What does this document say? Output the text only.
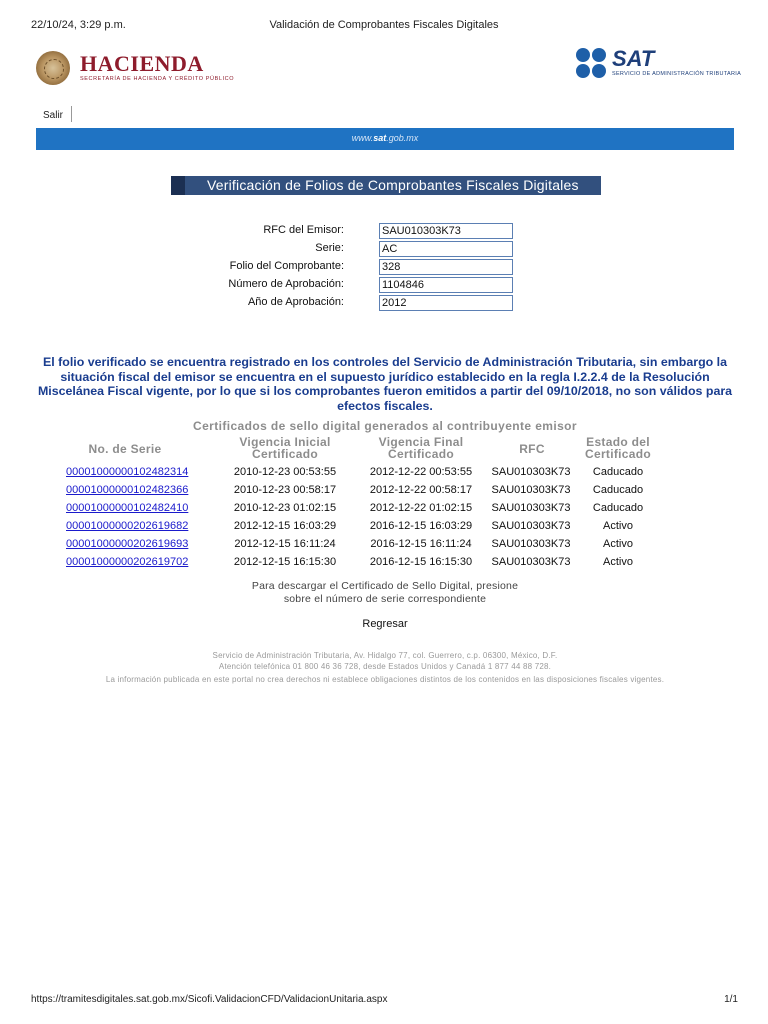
22/10/24, 3:29 p.m.	Validación de Comprobantes Fiscales Digitales
HACIENDA
SECRETARÍA DE HACIENDA Y CRÉDITO PÚBLICO
SAT
SERVICIO DE ADMINISTRACIÓN TRIBUTARIA
Salir
www.sat.gob.mx
Verificación de Folios de Comprobantes Fiscales Digitales
RFC del Emisor:	SAU010303K73
Serie:	AC
Folio del Comprobante:	328
Número de Aprobación:	1104846
Año de Aprobación:	2012
El folio verificado se encuentra registrado en los controles del Servicio de Administración Tributaria, sin embargo la
situación fiscal del emisor se encuentra en el supuesto jurídico establecido en la regla I.2.2.4 de la Resolución
Miscelánea Fiscal vigente, por lo que si los comprobantes fueron emitidos a partir del 09/10/2018, no son válidos para
efectos fiscales.
Certificados de sello digital generados al contribuyente emisor
No. de Serie	Vigencia Inicial
Certificado
Vigencia Final
Certificado	RFC	Estado del
Certificado
00001000000102482314	2010-12-23 00:53:55	2012-12-22 00:53:55	SAU010303K73	Caducado
00001000000102482366	2010-12-23 00:58:17	2012-12-22 00:58:17	SAU010303K73	Caducado
00001000000102482410	2010-12-23 01:02:15	2012-12-22 01:02:15	SAU010303K73	Caducado
00001000000202619682	2012-12-15 16:03:29	2016-12-15 16:03:29	SAU010303K73	Activo
00001000000202619693	2012-12-15 16:11:24	2016-12-15 16:11:24	SAU010303K73	Activo
00001000000202619702	2012-12-15 16:15:30	2016-12-15 16:15:30	SAU010303K73	Activo
Para descargar el Certificado de Sello Digital, presione
sobre el número de serie correspondiente
Regresar
Servicio de Administración Tributaria, Av. Hidalgo 77, col. Guerrero, c.p. 06300, México, D.F.
Atención telefónica 01 800 46 36 728, desde Estados Unidos y Canadá 1 877 44 88 728.
La información publicada en este portal no crea derechos ni establece obligaciones distintos de los contenidos en las disposiciones fiscales vigentes.
https://tramitesdigitales.sat.gob.mx/Sicofi.ValidacionCFD/ValidacionUnitaria.aspx	1/1
